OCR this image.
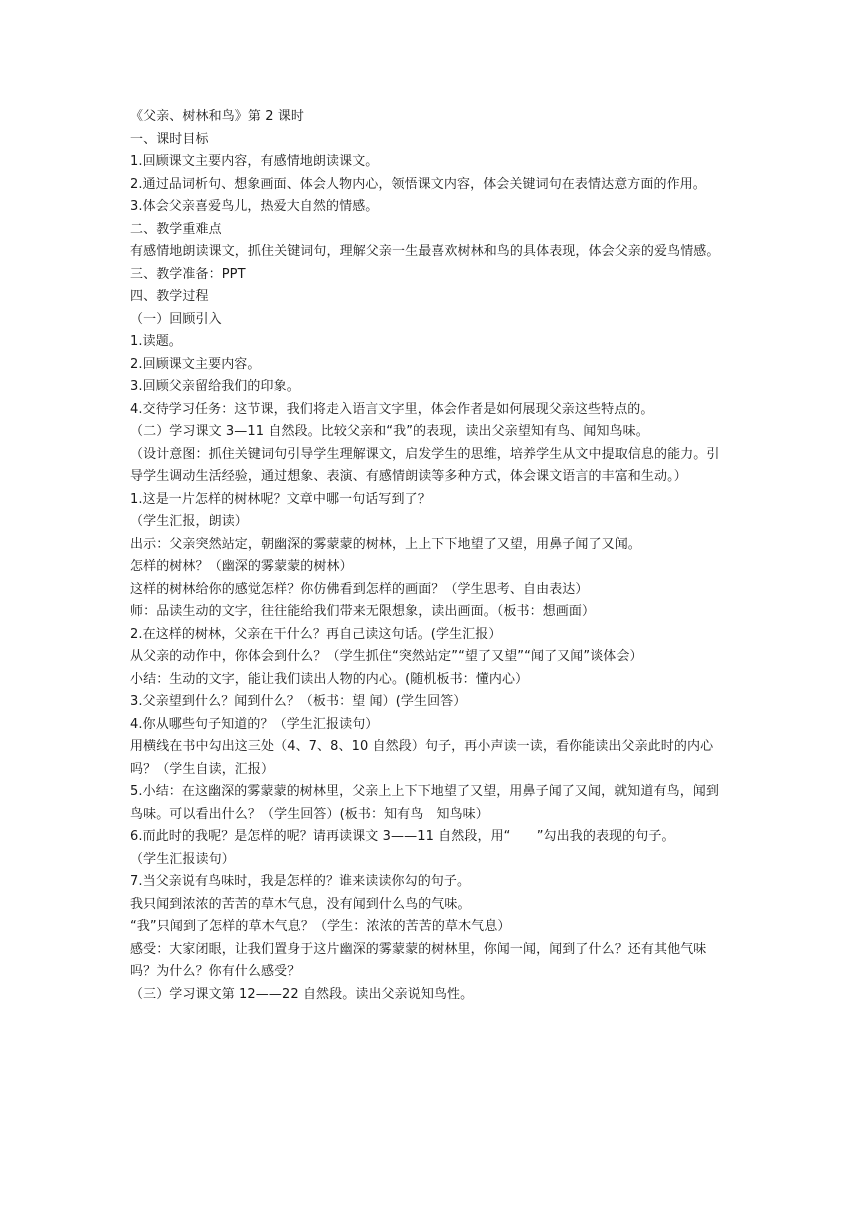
《父亲、树林和鸟》第 2 课时

一、课时目标

1.回顾课文主要内容，有感情地朗读课文。

2.通过品词析句、想象画面、体会人物内心，领悟课文内容，体会关键词句在表情达意方面的作用。

3.体会父亲喜爱鸟儿，热爱大自然的情感。

二、教学重难点

有感情地朗读课文，抓住关键词句，理解父亲一生最喜欢树林和鸟的具体表现，体会父亲的爱鸟情感。

三、教学准备：PPT

四、教学过程

（一）回顾引入

1.读题。

2.回顾课文主要内容。

3.回顾父亲留给我们的印象。

4.交待学习任务：这节课，我们将走入语言文字里，体会作者是如何展现父亲这些特点的。

（二）学习课文 3—11 自然段。比较父亲和“我”的表现，读出父亲望知有鸟、闻知鸟味。

（设计意图：抓住关键词句引导学生理解课文，启发学生的思维，培养学生从文中提取信息的能力。引导学生调动生活经验，通过想象、表演、有感情朗读等多种方式，体会课文语言的丰富和生动。）

1.这是一片怎样的树林呢？文章中哪一句话写到了？

（学生汇报，朗读）

出示：父亲突然站定，朝幽深的雾蒙蒙的树林，上上下下地望了又望，用鼻子闻了又闻。

怎样的树林？（幽深的雾蒙蒙的树林）

这样的树林给你的感觉怎样？你仿佛看到怎样的画面？（学生思考、自由表达）

师：品读生动的文字，往往能给我们带来无限想象，读出画面。（板书：想画面）

2.在这样的树林，父亲在干什么？再自己读这句话。(学生汇报）

从父亲的动作中，你体会到什么？（学生抓住“突然站定”“望了又望”“闻了又闻”谈体会）

小结：生动的文字，能让我们读出人物的内心。(随机板书：懂内心）

3.父亲望到什么？闻到什么？（板书：望 闻）(学生回答）

4.你从哪些句子知道的？（学生汇报读句）

用横线在书中勾出这三处（4、7、8、10 自然段）句子，再小声读一读，看你能读出父亲此时的内心吗？（学生自读，汇报）

5.小结：在这幽深的雾蒙蒙的树林里，父亲上上下下地望了又望，用鼻子闻了又闻，就知道有鸟，闻到鸟味。可以看出什么？（学生回答）(板书：知有鸟　知鸟味）

6.而此时的我呢？是怎样的呢？请再读课文 3——11 自然段，用“　　”勾出我的表现的句子。

（学生汇报读句）

7.当父亲说有鸟味时，我是怎样的？谁来读读你勾的句子。

我只闻到浓浓的苦苦的草木气息，没有闻到什么鸟的气味。

“我”只闻到了怎样的草木气息？（学生：浓浓的苦苦的草木气息）

感受：大家闭眼，让我们置身于这片幽深的雾蒙蒙的树林里，你闻一闻，闻到了什么？还有其他气味吗？为什么？你有什么感受？

（三）学习课文第 12——22 自然段。读出父亲说知鸟性。
